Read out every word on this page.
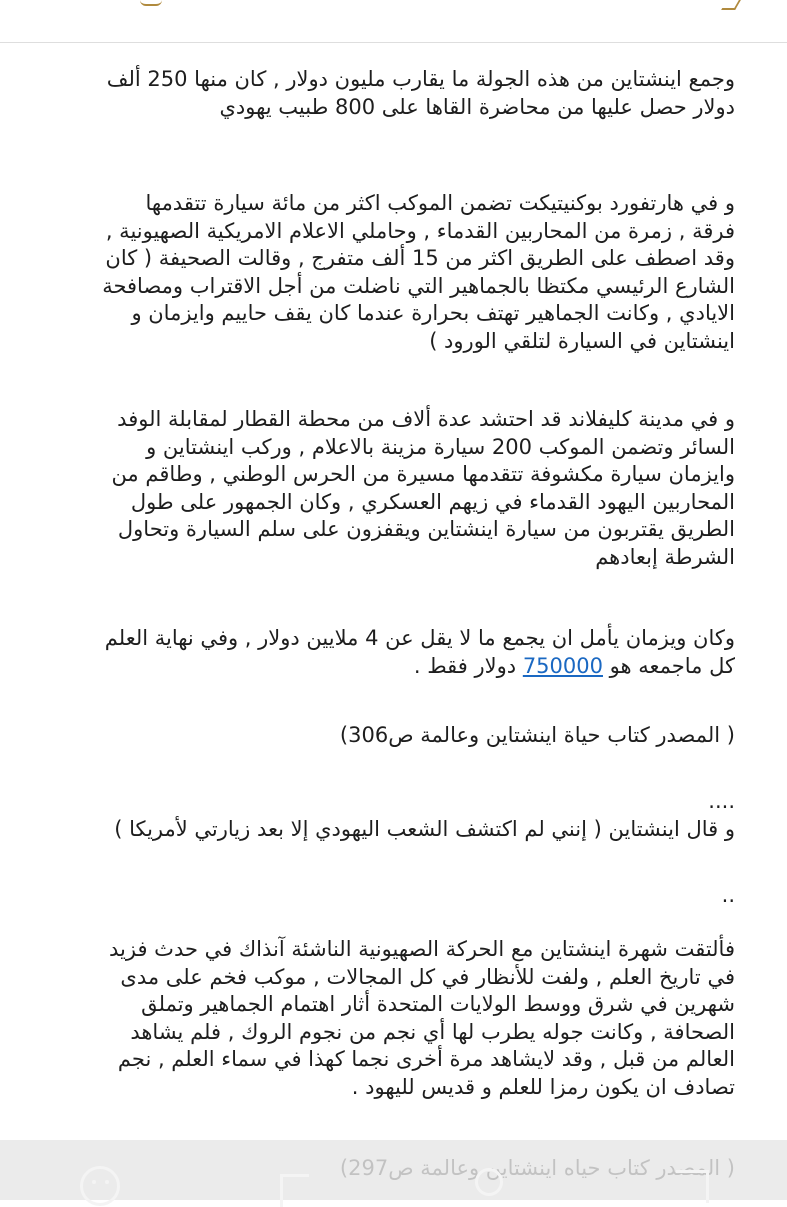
وجمع اينشتاين من هذه الجولة ما يقارب مليون دولار , كان منها 250 ألف
دولار حصل عليها من محاضرة القاها على 800 طبيب يهودي

و في هارتفورد بوكنيتيكت تضمن الموكب اكثر من مائة سيارة تتقدمها
فرقة , زمرة من المحاربين القدماء , وحاملي الاعلام الامريكية الصهيونية ,
وقد اصطف على الطريق اكثر من 15 ألف متفرج , وقالت الصحيفة ( كان
الشارع الرئيسي مكتظا بالجماهير التي ناضلت من أجل الاقتراب ومصافحة
الايادي , وكانت الجماهير تهتف بحرارة عندما كان يقف حاييم وايزمان و
اينشتاين في السيارة لتلقي الورود )

و في مدينة كليفلاند قد احتشد عدة ألاف من محطة القطار لمقابلة الوفد
السائر وتضمن الموكب 200 سيارة مزينة بالاعلام , وركب اينشتاين و
وايزمان سيارة مكشوفة تتقدمها مسيرة من الحرس الوطني , وطاقم من
المحاربين اليهود القدماء في زيهم العسكري , وكان الجمهور على طول
الطريق يقتربون من سيارة اينشتاين ويقفزون على سلم السيارة وتحاول
الشرطة إبعادهم

وكان ويزمان يأمل ان يجمع ما لا يقل عن 4 ملايين دولار , وفي نهاية العلم
كل ماجمعه هو 750000 دولار فقط .

( المصدر كتاب حياة اينشتاين وعالمة ص306)

....
و قال اينشتاين ( إنني لم اكتشف الشعب اليهودي إلا بعد زيارتي لأمريكا )

..

فألتقت شهرة اينشتاين مع الحركة الصهيونية الناشئة آنذاك في حدث فزيد
في تاريخ العلم , ولفت للأنظار في كل المجالات , موكب فخم على مدى
شهرين في شرق ووسط الولايات المتحدة أثار اهتمام الجماهير وتملق
الصحافة , وكانت جوله يطرب لها أي نجم من نجوم الروك , فلم يشاهد
العالم من قبل , وقد لايشاهد مرة أخرى نجما كهذا في سماء العلم , نجم
تصادف ان يكون رمزا للعلم و قديس لليهود .
